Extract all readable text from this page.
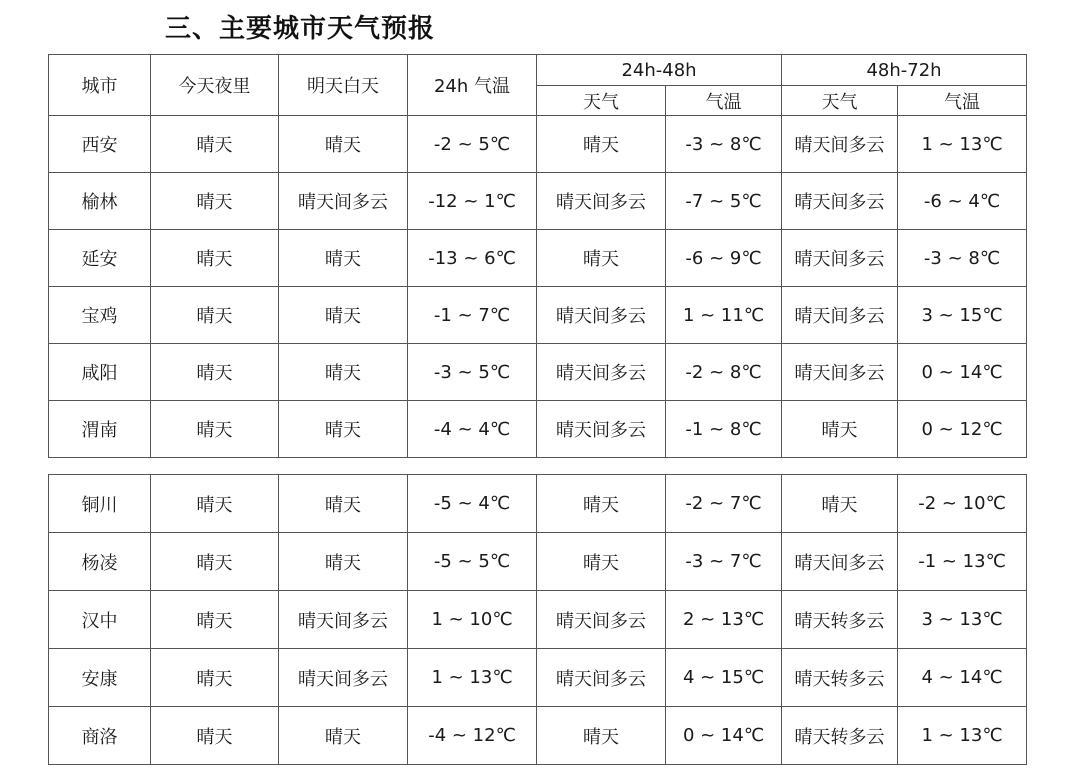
三、主要城市天气预报
城市	今天夜里	明天白天	24h 气温	24h-48h		48h-72h	
				天气	气温	天气	气温
西安	晴天	晴天	-2 ~ 5℃	晴天	-3 ~ 8℃	晴天间多云	1 ~ 13℃
榆林	晴天	晴天间多云	-12 ~ 1℃	晴天间多云	-7 ~ 5℃	晴天间多云	-6 ~ 4℃
延安	晴天	晴天	-13 ~ 6℃	晴天	-6 ~ 9℃	晴天间多云	-3 ~ 8℃
宝鸡	晴天	晴天	-1 ~ 7℃	晴天间多云	1 ~ 11℃	晴天间多云	3 ~ 15℃
咸阳	晴天	晴天	-3 ~ 5℃	晴天间多云	-2 ~ 8℃	晴天间多云	0 ~ 14℃
渭南	晴天	晴天	-4 ~ 4℃	晴天间多云	-1 ~ 8℃	晴天	0 ~ 12℃
铜川	晴天	晴天	-5 ~ 4℃	晴天	-2 ~ 7℃	晴天	-2 ~ 10℃
杨凌	晴天	晴天	-5 ~ 5℃	晴天	-3 ~ 7℃	晴天间多云	-1 ~ 13℃
汉中	晴天	晴天间多云	1 ~ 10℃	晴天间多云	2 ~ 13℃	晴天转多云	3 ~ 13℃
安康	晴天	晴天间多云	1 ~ 13℃	晴天间多云	4 ~ 15℃	晴天转多云	4 ~ 14℃
商洛	晴天	晴天	-4 ~ 12℃	晴天	0 ~ 14℃	晴天转多云	1 ~ 13℃
